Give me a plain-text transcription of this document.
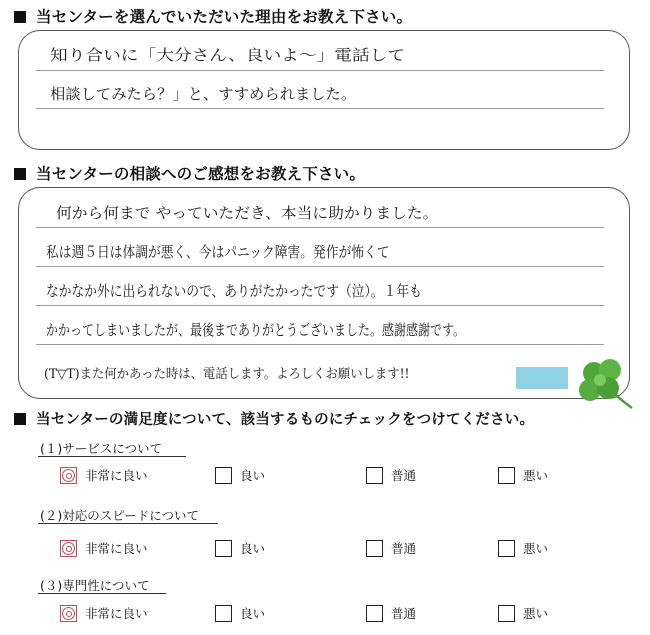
当センターを選んでいただいた理由をお教え下さい。
知り合いに「大分さん、良いよ～」電話して
相談してみたら？」と、すすめられました。
当センターの相談へのご感想をお教え下さい。
何から何まで やっていただき、本当に助かりました。
私は週５日は体調が悪く、今はパニック障害。発作が怖くて
なかなか外に出られないので、ありがたかったです（泣）。１年も
かかってしまいましたが、最後までありがとうございました。感謝感謝です。
(T▽T)また何かあった時は、電話します。よろしくお願いします!!
当センターの満足度について、該当するものにチェックをつけてください。
(１)サービスについて
非常に良い	良い	普通	悪い
(２)対応のスピードについて
非常に良い	良い	普通	悪い
(３)専門性について
非常に良い	良い	普通	悪い
